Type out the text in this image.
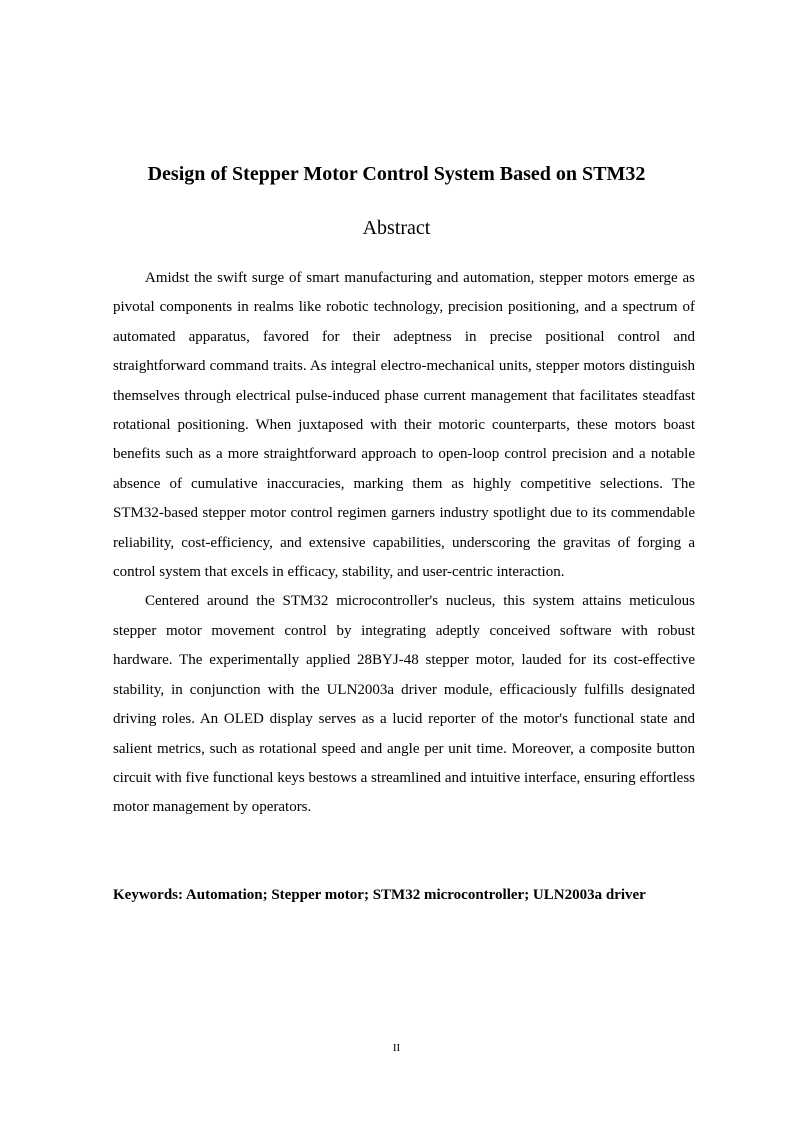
Design of Stepper Motor Control System Based on STM32
Abstract

Amidst the swift surge of smart manufacturing and automation, stepper motors emerge as pivotal components in realms like robotic technology, precision positioning, and a spectrum of automated apparatus, favored for their adeptness in precise positional control and straightforward command traits. As integral electro-mechanical units, stepper motors distinguish themselves through electrical pulse-induced phase current management that facilitates steadfast rotational positioning. When juxtaposed with their motoric counterparts, these motors boast benefits such as a more straightforward approach to open-loop control precision and a notable absence of cumulative inaccuracies, marking them as highly competitive selections. The STM32-based stepper motor control regimen garners industry spotlight due to its commendable reliability, cost-efficiency, and extensive capabilities, underscoring the gravitas of forging a control system that excels in efficacy, stability, and user-centric interaction.

Centered around the STM32 microcontroller's nucleus, this system attains meticulous stepper motor movement control by integrating adeptly conceived software with robust hardware. The experimentally applied 28BYJ-48 stepper motor, lauded for its cost-effective stability, in conjunction with the ULN2003a driver module, efficaciously fulfills designated driving roles. An OLED display serves as a lucid reporter of the motor's functional state and salient metrics, such as rotational speed and angle per unit time. Moreover, a composite button circuit with five functional keys bestows a streamlined and intuitive interface, ensuring effortless motor management by operators.

Keywords: Automation; Stepper motor; STM32 microcontroller; ULN2003a driver

II
